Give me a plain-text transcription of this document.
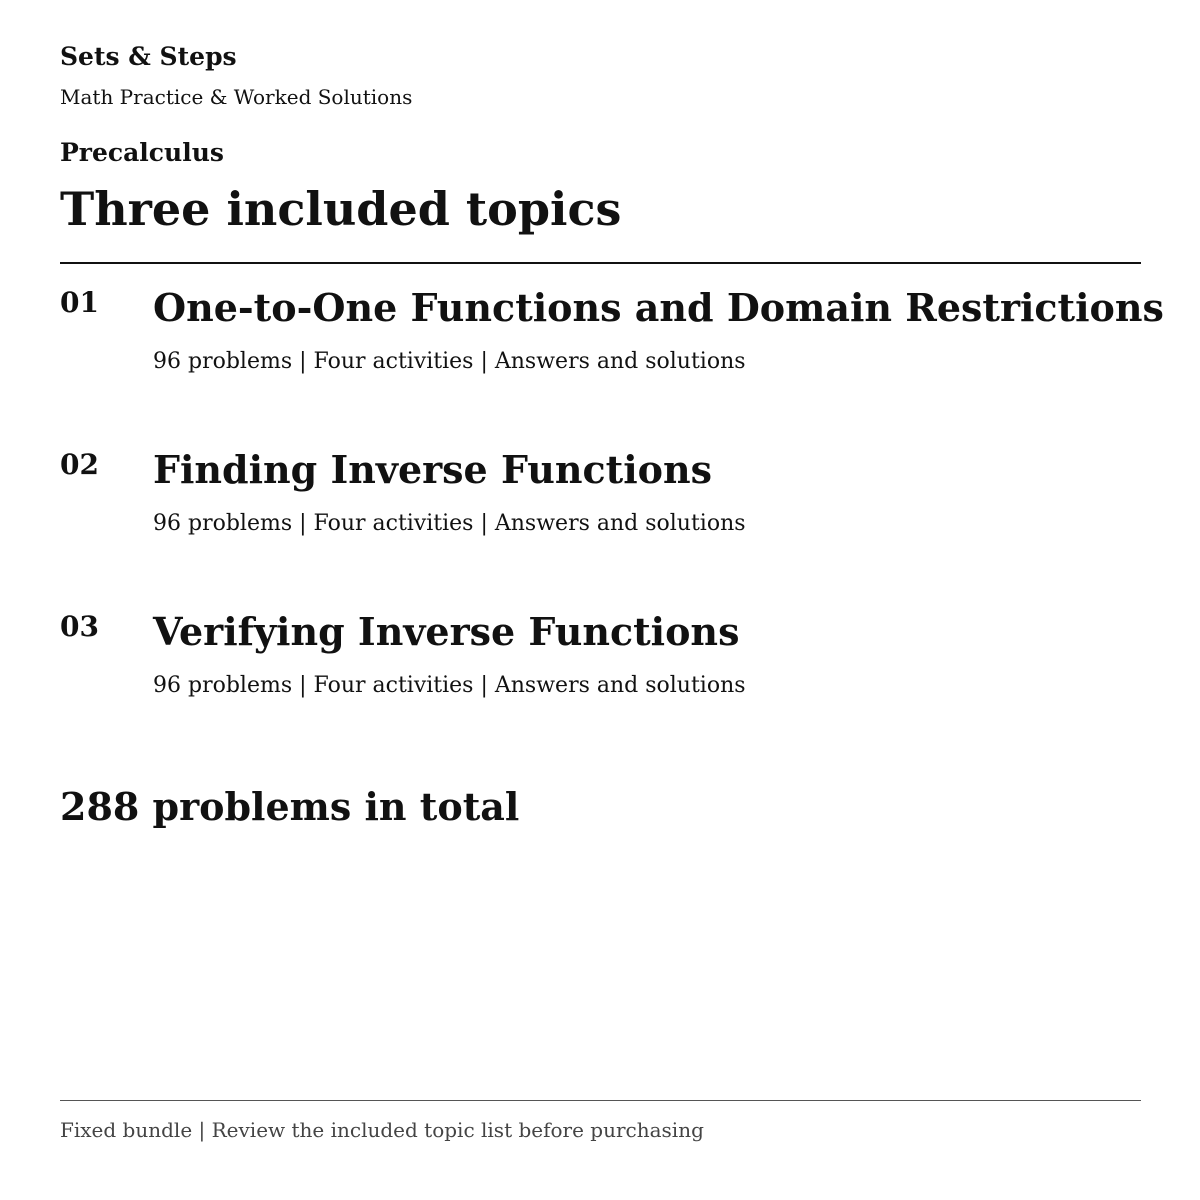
Sets & Steps
Math Practice & Worked Solutions
Precalculus
Three included topics
01 One-to-One Functions and Domain Restrictions
96 problems | Four activities | Answers and solutions
02 Finding Inverse Functions
96 problems | Four activities | Answers and solutions
03 Verifying Inverse Functions
96 problems | Four activities | Answers and solutions
288 problems in total
Fixed bundle | Review the included topic list before purchasing
